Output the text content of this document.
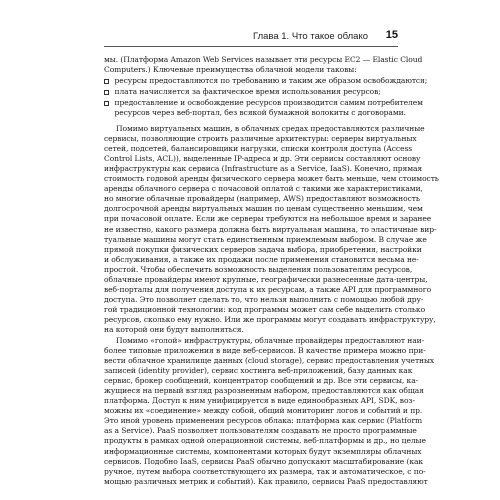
Глава 1. Что такое облако 15
мы. (Платформа Amazon Web Services называет эти ресурсы EC2 — Elastic Cloud
Computers.) Ключевые преимущества облачной модели таковы:
ресурсы предоставляются по требованию и таким же образом освобождаются;
плата начисляется за фактическое время использования ресурсов;
предоставление и освобождение ресурсов производится самим потребителем
ресурсов через веб-портал, без всякой бумажной волокиты с договорами.
Помимо виртуальных машин, в облачных средах предоставляются различные
сервисы, позволяющие строить различные архитектуры: серверы виртуальных
сетей, подсетей, балансировщики нагрузки, списки контроля доступа (Access
Control Lists, ACL)), выделенные IP-адреса и др. Эти сервисы составляют основу
инфраструктуры как сервиса (Infrastructure as a Service, IaaS). Конечно, прямая
стоимость годовой аренды физического сервера может быть меньше, чем стоимость
аренды облачного сервера с почасовой оплатой с такими же характеристиками,
но многие облачные провайдеры (например, AWS) предоставляют возможность
долгосрочной аренды виртуальных машин по ценам существенно меньшим, чем
при почасовой оплате. Если же серверы требуются на небольшое время и заранее
не известно, какого размера должна быть виртуальная машина, то эластичные вир-
туальные машины могут стать единственным приемлемым выбором. В случае же
прямой покупки физических серверов задача выбора, приобретения, настройки
и обслуживания, а также их продажи после применения становится весьма не-
простой. Чтобы обеспечить возможность выделения пользователям ресурсов,
облачные провайдеры имеют крупные, географически разнесенные дата-центры,
веб-порталы для получения доступа к их ресурсам, а также API для программного
доступа. Это позволяет сделать то, что нельзя выполнить с помощью любой дру-
гой традиционной технологии: код программы может сам себе выделить столько
ресурсов, сколько ему нужно. Или же программы могут создавать инфраструктуру,
на которой они будут выполняться.
Помимо «голой» инфраструктуры, облачные провайдеры предоставляют наи-
более типовые приложения в виде веб-сервисов. В качестве примера можно при-
вести облачное хранилище данных (cloud storage), сервис предоставления учетных
записей (identity provider), сервис хостинга веб-приложений, базу данных как
сервис, брокер сообщений, концентратор сообщений и др. Все эти сервисы, ка-
жущиеся на первый взгляд разрозненным набором, предоставляются как общая
платформа. Доступ к ним унифицируется в виде единообразных API, SDK, воз-
можны их «соединение» между собой, общий мониторинг логов и событий и пр.
Это иной уровень применения ресурсов облака: платформа как сервис (Platform
as a Service). PaaS позволяет пользователям создавать не просто программные
продукты в рамках одной операционной системы, веб-платформы и др., но целые
информационные системы, компонентами которых будут экземпляры облачных
сервисов. Подобно IaaS, сервисы PaaS обычно допускают масштабирование (как
ручное, путем выбора соответствующего их размера, так и автоматическое, с по-
мощью различных метрик и событий). Как правило, сервисы PaaS предоставляют
